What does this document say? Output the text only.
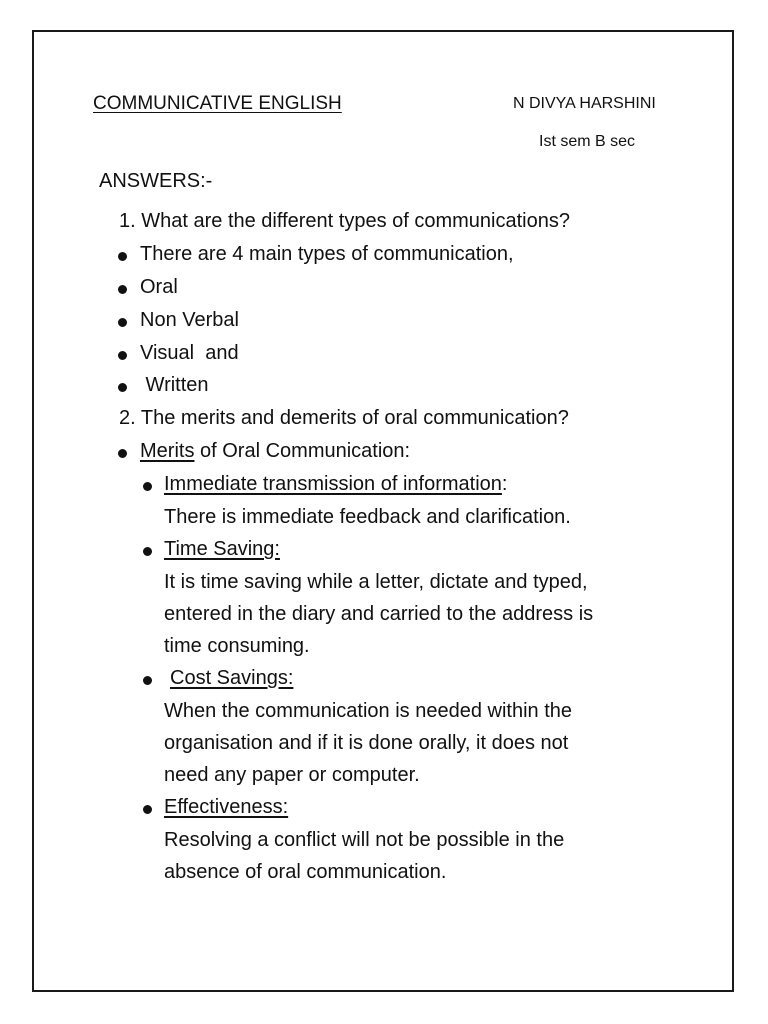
COMMUNICATIVE ENGLISH	N DIVYA HARSHINI
Ist sem B sec
ANSWERS:-
1. What are the different types of communications?
There are 4 main types of communication,
Oral
Non Verbal
Visual  and
Written
2. The merits and demerits of oral communication?
Merits of Oral Communication:
Immediate transmission of information:
There is immediate feedback and clarification.
Time Saving:
It is time saving while a letter, dictate and typed,
entered in the diary and carried to the address is
time consuming.
Cost Savings:
When the communication is needed within the
organisation and if it is done orally, it does not
need any paper or computer.
Effectiveness:
Resolving a conflict will not be possible in the
absence of oral communication.
